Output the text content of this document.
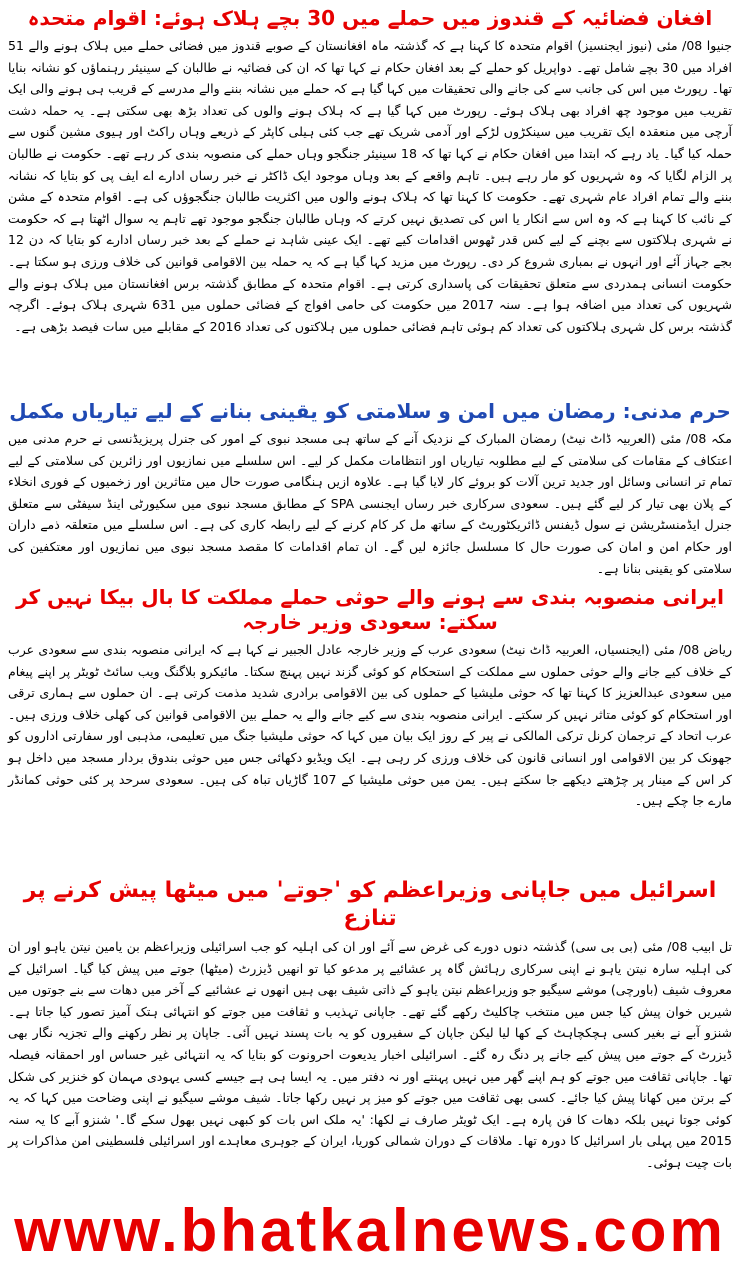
افغان فضائیہ کے قندوز میں حملے میں 30 بچے ہلاک ہوئے: اقوام متحدہ

جنیوا 08/ مئی (نیوز ایجنسیز) اقوام متحدہ کا کہنا ہے کہ گذشتہ ماہ افغانستان کے صوبے قندوز میں فضائی حملے میں ہلاک ہونے والے 51 افراد میں 30 بچے شامل تھے۔ دواپریل کو حملے کے بعد افغان حکام نے کہا تھا کہ ان کی فضائیہ نے طالبان کے سینیئر رہنماؤں کو نشانہ بنایا تھا۔ رپورٹ میں اس کی جانب سے کی جانے والی تحقیقات میں کہا گیا ہے کہ حملے میں نشانہ بننے والے مدرسے کے قریب ہی ہونے والی ایک تقریب میں موجود چھ افراد بھی ہلاک ہوئے۔ رپورٹ میں کہا گیا ہے کہ ہلاک ہونے والوں کی تعداد بڑھ بھی سکتی ہے۔ یہ حملہ دشت آرچی میں منعقدہ ایک تقریب میں سینکڑوں لڑکے اور آدمی شریک تھے جب کئی ہیلی کاپٹر کے ذریعے وہاں راکٹ اور ہیوی مشین گنوں سے حملہ کیا گیا۔ یاد رہے کہ ابتدا میں افغان حکام نے کہا تھا کہ 18 سینیئر جنگجو وہاں حملے کی منصوبہ بندی کر رہے تھے۔ حکومت نے طالبان پر الزام لگایا کہ وہ شہریوں کو مار رہے ہیں۔ تاہم واقعے کے بعد وہاں موجود ایک ڈاکٹر نے خبر رساں ادارے اے ایف پی کو بتایا کہ نشانہ بننے والے تمام افراد عام شہری تھے۔ حکومت کا کہنا تھا کہ ہلاک ہونے والوں میں اکثریت طالبان جنگجوؤں کی ہے۔ اقوام متحدہ کے مشن کے نائب کا کہنا ہے کہ وہ اس سے انکار یا اس کی تصدیق نہیں کرتے کہ وہاں طالبان جنگجو موجود تھے تاہم یہ سوال اٹھتا ہے کہ حکومت نے شہری ہلاکتوں سے بچنے کے لیے کس قدر ٹھوس اقدامات کیے تھے۔ ایک عینی شاہد نے حملے کے بعد خبر رساں ادارے کو بتایا کہ دن 12 بجے جہاز آئے اور انہوں نے بمباری شروع کر دی۔ رپورٹ میں مزید کہا گیا ہے کہ یہ حملہ بین الاقوامی قوانین کی خلاف ورزی ہو سکتا ہے۔ حکومت انسانی ہمدردی سے متعلق تحقیقات کی پاسداری کرتی ہے۔ اقوام متحدہ کے مطابق گذشتہ برس افغانستان میں ہلاک ہونے والے شہریوں کی تعداد میں اضافہ ہوا ہے۔ سنہ 2017 میں حکومت کی حامی افواج کے فضائی حملوں میں 631 شہری ہلاک ہوئے۔ اگرچہ گذشتہ برس کل شہری ہلاکتوں کی تعداد کم ہوئی تاہم فضائی حملوں میں ہلاکتوں کی تعداد 2016 کے مقابلے میں سات فیصد بڑھی ہے۔

حرم مدنی: رمضان میں امن و سلامتی کو یقینی بنانے کے لیے تیاریاں مکمل

مکہ 08/ مئی (العربیہ ڈاٹ نیٹ) رمضان المبارک کے نزدیک آنے کے ساتھ ہی مسجد نبوی کے امور کی جنرل پریزیڈنسی نے حرم مدنی میں اعتکاف کے مقامات کی سلامتی کے لیے مطلوبہ تیاریاں اور انتظامات مکمل کر لیے۔ اس سلسلے میں نمازیوں اور زائرین کی سلامتی کے لیے تمام تر انسانی وسائل اور جدید ترین آلات کو بروئے کار لایا گیا ہے۔ علاوہ ازیں ہنگامی صورت حال میں متاثرین اور زخمیوں کے فوری انخلاء کے پلان بھی تیار کر لیے گئے ہیں۔ سعودی سرکاری خبر رساں ایجنسی SPA کے مطابق مسجد نبوی میں سکیورٹی اینڈ سیفٹی سے متعلق جنرل ایڈمنسٹریشن نے سول ڈیفنس ڈائریکٹوریٹ کے ساتھ مل کر کام کرنے کے لیے رابطہ کاری کی ہے۔ اس سلسلے میں متعلقہ ذمے داران اور حکام امن و امان کی صورت حال کا مسلسل جائزہ لیں گے۔ ان تمام اقدامات کا مقصد مسجد نبوی میں نمازیوں اور معتکفین کی سلامتی کو یقینی بنانا ہے۔

ایرانی منصوبہ بندی سے ہونے والے حوثی حملے مملکت کا بال بیکا نہیں کر سکتے: سعودی وزیر خارجہ

ریاض 08/ مئی (ایجنسیاں، العربیہ ڈاٹ نیٹ) سعودی عرب کے وزیر خارجہ عادل الجبیر نے کہا ہے کہ ایرانی منصوبہ بندی سے سعودی عرب کے خلاف کیے جانے والے حوثی حملوں سے مملکت کے استحکام کو کوئی گزند نہیں پہنچ سکتا۔ مائیکرو بلاگنگ ویب سائٹ ٹویٹر پر اپنے پیغام میں سعودی عبدالعزیز کا کہنا تھا کہ حوثی ملیشیا کے حملوں کی بین الاقوامی برادری شدید مذمت کرتی ہے۔ ان حملوں سے ہماری ترقی اور استحکام کو کوئی متاثر نہیں کر سکتے۔ ایرانی منصوبہ بندی سے کیے جانے والے یہ حملے بین الاقوامی قوانین کی کھلی خلاف ورزی ہیں۔ عرب اتحاد کے ترجمان کرنل ترکی المالکی نے پیر کے روز ایک بیان میں کہا کہ حوثی ملیشیا جنگ میں تعلیمی، مذہبی اور سفارتی اداروں کو جھونک کر بین الاقوامی اور انسانی قانون کی خلاف ورزی کر رہی ہے۔ ایک ویڈیو دکھائی جس میں حوثی بندوق بردار مسجد میں داخل ہو کر اس کے مینار پر چڑھتے دیکھے جا سکتے ہیں۔ یمن میں حوثی ملیشیا کے 107 گاڑیاں تباہ کی ہیں۔ سعودی سرحد پر کئی حوثی کمانڈر مارے جا چکے ہیں۔

اسرائیل میں جاپانی وزیراعظم کو 'جوتے' میں میٹھا پیش کرنے پر تنازع

تل ابیب 08/ مئی (بی بی سی) گذشتہ دنوں دورے کی غرض سے آئے اور ان کی اہلیہ کو جب اسرائیلی وزیراعظم بن یامین نیتن یاہو اور ان کی اہلیہ سارہ نیتن یاہو نے اپنی سرکاری رہائش گاہ پر عشائیے پر مدعو کیا تو انھیں ڈیزرٹ (میٹھا) جوتے میں پیش کیا گیا۔ اسرائیل کے معروف شیف (باورچی) موشے سیگیو جو وزیراعظم نیتن یاہو کے ذاتی شیف بھی ہیں انھوں نے عشائیے کے آخر میں دھات سے بنے جوتوں میں شیریں خوان پیش کیا جس میں منتخب چاکلیٹ رکھے گئے تھے۔ جاپانی تہذیب و ثقافت میں جوتے کو انتہائی ہتک آمیز تصور کیا جاتا ہے۔ شنزو آبے نے بغیر کسی ہچکچاہٹ کے کھا لیا لیکن جاپان کے سفیروں کو یہ بات پسند نہیں آئی۔ جاپان پر نظر رکھنے والے تجزیہ نگار بھی ڈیزرٹ کے جوتے میں پیش کیے جانے پر دنگ رہ گئے۔ اسرائیلی اخبار یدیعوت احرونوت کو بتایا کہ یہ انتہائی غیر حساس اور احمقانہ فیصلہ تھا۔ جاپانی ثقافت میں جوتے کو ہم اپنے گھر میں نہیں پہنتے اور نہ دفتر میں۔ یہ ایسا ہی ہے جیسے کسی یہودی مہمان کو خنزیر کی شکل کے برتن میں کھانا پیش کیا جائے۔ کسی بھی ثقافت میں جوتے کو میز پر نہیں رکھا جاتا۔ شیف موشے سیگیو نے اپنی وضاحت میں کہا کہ یہ کوئی جوتا نہیں بلکہ دھات کا فن پارہ ہے۔ ایک ٹویٹر صارف نے لکھا: 'یہ ملک اس بات کو کبھی نہیں بھول سکے گا۔' شنزو آبے کا یہ سنہ 2015 میں پہلی بار اسرائیل کا دورہ تھا۔ ملاقات کے دوران شمالی کوریا، ایران کے جوہری معاہدے اور اسرائیلی فلسطینی امن مذاکرات پر بات چیت ہوئی۔

www.bhatkalnews.com
